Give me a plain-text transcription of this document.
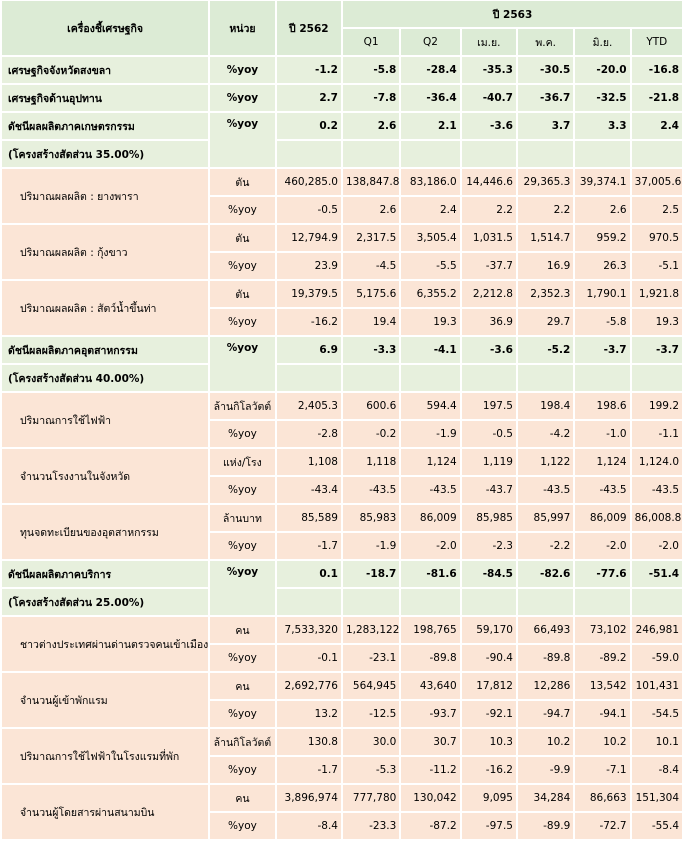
เครื่องชี้เศรษฐกิจ	หน่วย	ปี 2562	ปี 2563					
			Q1	Q2	เม.ย.	พ.ค.	มิ.ย.	YTD
เศรษฐกิจจังหวัดสงขลา	%yoy	-1.2	-5.8	-28.4	-35.3	-30.5	-20.0	-16.8
เศรษฐกิจด้านอุปทาน	%yoy	2.7	-7.8	-36.4	-40.7	-36.7	-32.5	-21.8
ดัชนีผลผลิตภาคเกษตรกรรม	%yoy	0.2	2.6	2.1	-3.6	3.7	3.3	2.4
(โครงสร้างสัดส่วน 35.00%)								
ปริมาณผลผลิต : ยางพารา	ตัน	460,285.0	138,847.8	83,186.0	14,446.6	29,365.3	39,374.1	37,005.6
	%yoy	-0.5	2.6	2.4	2.2	2.2	2.6	2.5
ปริมาณผลผลิต : กุ้งขาว	ตัน	12,794.9	2,317.5	3,505.4	1,031.5	1,514.7	959.2	970.5
	%yoy	23.9	-4.5	-5.5	-37.7	16.9	26.3	-5.1
ปริมาณผลผลิต : สัตว์น้ำขึ้นท่า	ตัน	19,379.5	5,175.6	6,355.2	2,212.8	2,352.3	1,790.1	1,921.8
	%yoy	-16.2	19.4	19.3	36.9	29.7	-5.8	19.3
ดัชนีผลผลิตภาคอุตสาหกรรม	%yoy	6.9	-3.3	-4.1	-3.6	-5.2	-3.7	-3.7
(โครงสร้างสัดส่วน 40.00%)								
ปริมาณการใช้ไฟฟ้า	ล้านกิโลวัตต์	2,405.3	600.6	594.4	197.5	198.4	198.6	199.2
	%yoy	-2.8	-0.2	-1.9	-0.5	-4.2	-1.0	-1.1
จำนวนโรงงานในจังหวัด	แห่ง/โรง	1,108	1,118	1,124	1,119	1,122	1,124	1,124.0
	%yoy	-43.4	-43.5	-43.5	-43.7	-43.5	-43.5	-43.5
ทุนจดทะเบียนของอุตสาหกรรม	ล้านบาท	85,589	85,983	86,009	85,985	85,997	86,009	86,008.8
	%yoy	-1.7	-1.9	-2.0	-2.3	-2.2	-2.0	-2.0
ดัชนีผลผลิตภาคบริการ	%yoy	0.1	-18.7	-81.6	-84.5	-82.6	-77.6	-51.4
(โครงสร้างสัดส่วน 25.00%)								
ชาวต่างประเทศผ่านด่านตรวจคนเข้าเมือง	คน	7,533,320	1,283,122	198,765	59,170	66,493	73,102	246,981
	%yoy	-0.1	-23.1	-89.8	-90.4	-89.8	-89.2	-59.0
จำนวนผู้เข้าพักแรม	คน	2,692,776	564,945	43,640	17,812	12,286	13,542	101,431
	%yoy	13.2	-12.5	-93.7	-92.1	-94.7	-94.1	-54.5
ปริมาณการใช้ไฟฟ้าในโรงแรมที่พัก	ล้านกิโลวัตต์	130.8	30.0	30.7	10.3	10.2	10.2	10.1
	%yoy	-1.7	-5.3	-11.2	-16.2	-9.9	-7.1	-8.4
จำนวนผู้โดยสารผ่านสนามบิน	คน	3,896,974	777,780	130,042	9,095	34,284	86,663	151,304
	%yoy	-8.4	-23.3	-87.2	-97.5	-89.9	-72.7	-55.4
